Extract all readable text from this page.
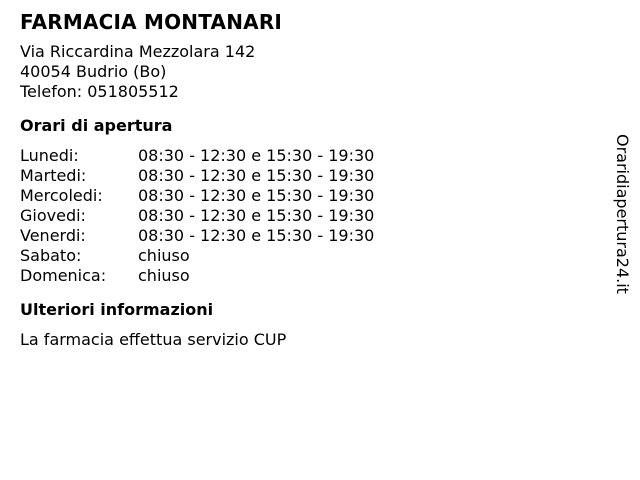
FARMACIA MONTANARI
Via Riccardina Mezzolara 142
40054 Budrio (Bo)
Telefon: 051805512
Orari di apertura
Lunedi:	08:30 - 12:30 e 15:30 - 19:30
Martedi:	08:30 - 12:30 e 15:30 - 19:30
Mercoledi:	08:30 - 12:30 e 15:30 - 19:30
Giovedi:	08:30 - 12:30 e 15:30 - 19:30
Venerdi:	08:30 - 12:30 e 15:30 - 19:30
Sabato:	chiuso
Domenica:	chiuso
Ulteriori informazioni
La farmacia effettua servizio CUP
Oraridiapertura24.it
